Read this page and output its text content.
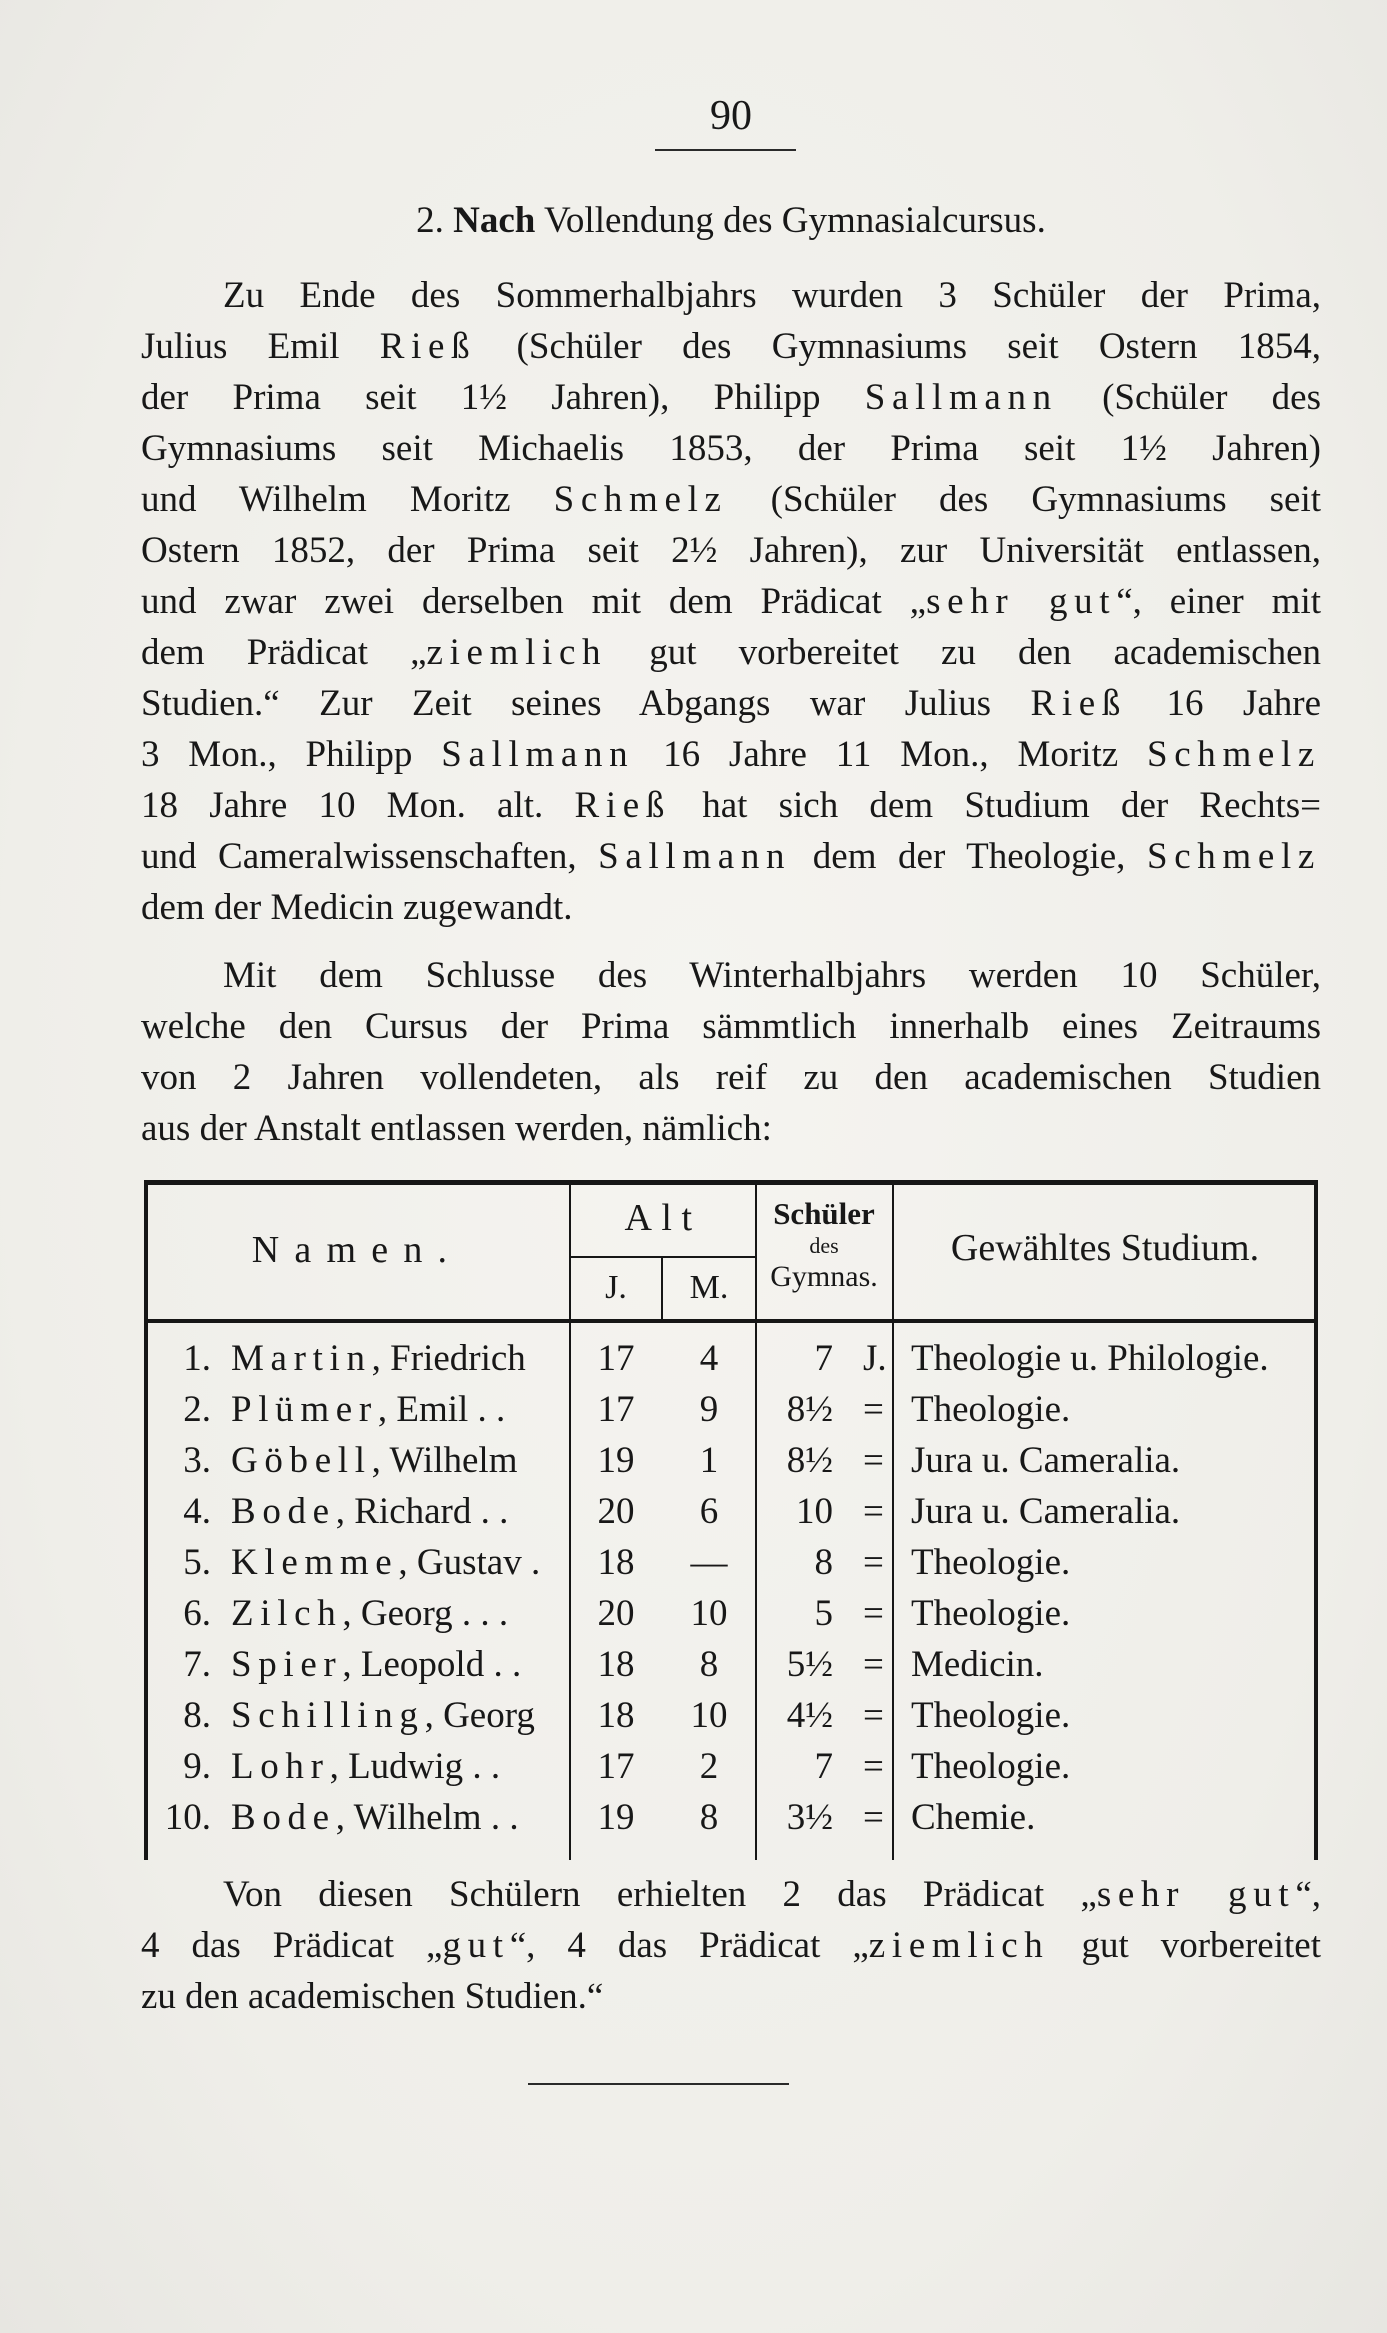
90
2. Nach Vollendung des Gymnasialcursus.
Zu Ende des Sommerhalbjahrs wurden 3 Schüler der Prima,
Julius Emil Rieß (Schüler des Gymnasiums seit Ostern 1854,
der Prima seit 1½ Jahren), Philipp Sallmann (Schüler des
Gymnasiums seit Michaelis 1853, der Prima seit 1½ Jahren)
und Wilhelm Moritz Schmelz (Schüler des Gymnasiums seit
Ostern 1852, der Prima seit 2½ Jahren), zur Universität entlassen,
und zwar zwei derselben mit dem Prädicat „sehr gut“, einer mit
dem Prädicat „ziemlich gut vorbereitet zu den academischen
Studien.“ Zur Zeit seines Abgangs war Julius Rieß 16 Jahre
3 Mon., Philipp Sallmann 16 Jahre 11 Mon., Moritz Schmelz
18 Jahre 10 Mon. alt. Rieß hat sich dem Studium der Rechts=
und Cameralwissenschaften, Sallmann dem der Theologie, Schmelz
dem der Medicin zugewandt.
Mit dem Schlusse des Winterhalbjahrs werden 10 Schüler,
welche den Cursus der Prima sämmtlich innerhalb eines Zeitraums
von 2 Jahren vollendeten, als reif zu den academischen Studien
aus der Anstalt entlassen werden, nämlich:
Namen.
Alt
J. M.
Schüler
des
Gymnas.
Gewähltes Studium.
1. Martin, Friedrich	17	4	7 J. Theologie u. Philologie.
2. Plümer, Emil . .	17	9	8½ = Theologie.
3. Göbell, Wilhelm	19	1	8½ = Jura u. Cameralia.
4. Bode, Richard . .	20	6	10 = Jura u. Cameralia.
5. Klemme, Gustav .	18	—	8 = Theologie.
6. Zilch, Georg . . .	20	10	5 = Theologie.
7. Spier, Leopold . .	18	8	5½ = Medicin.
8. Schilling, Georg	18	10	4½ = Theologie.
9. Lohr, Ludwig . .	17	2	7 = Theologie.
10. Bode, Wilhelm . .	19	8	3½ = Chemie.
Von diesen Schülern erhielten 2 das Prädicat „sehr gut“,
4 das Prädicat „gut“, 4 das Prädicat „ziemlich gut vorbereitet
zu den academischen Studien.“
